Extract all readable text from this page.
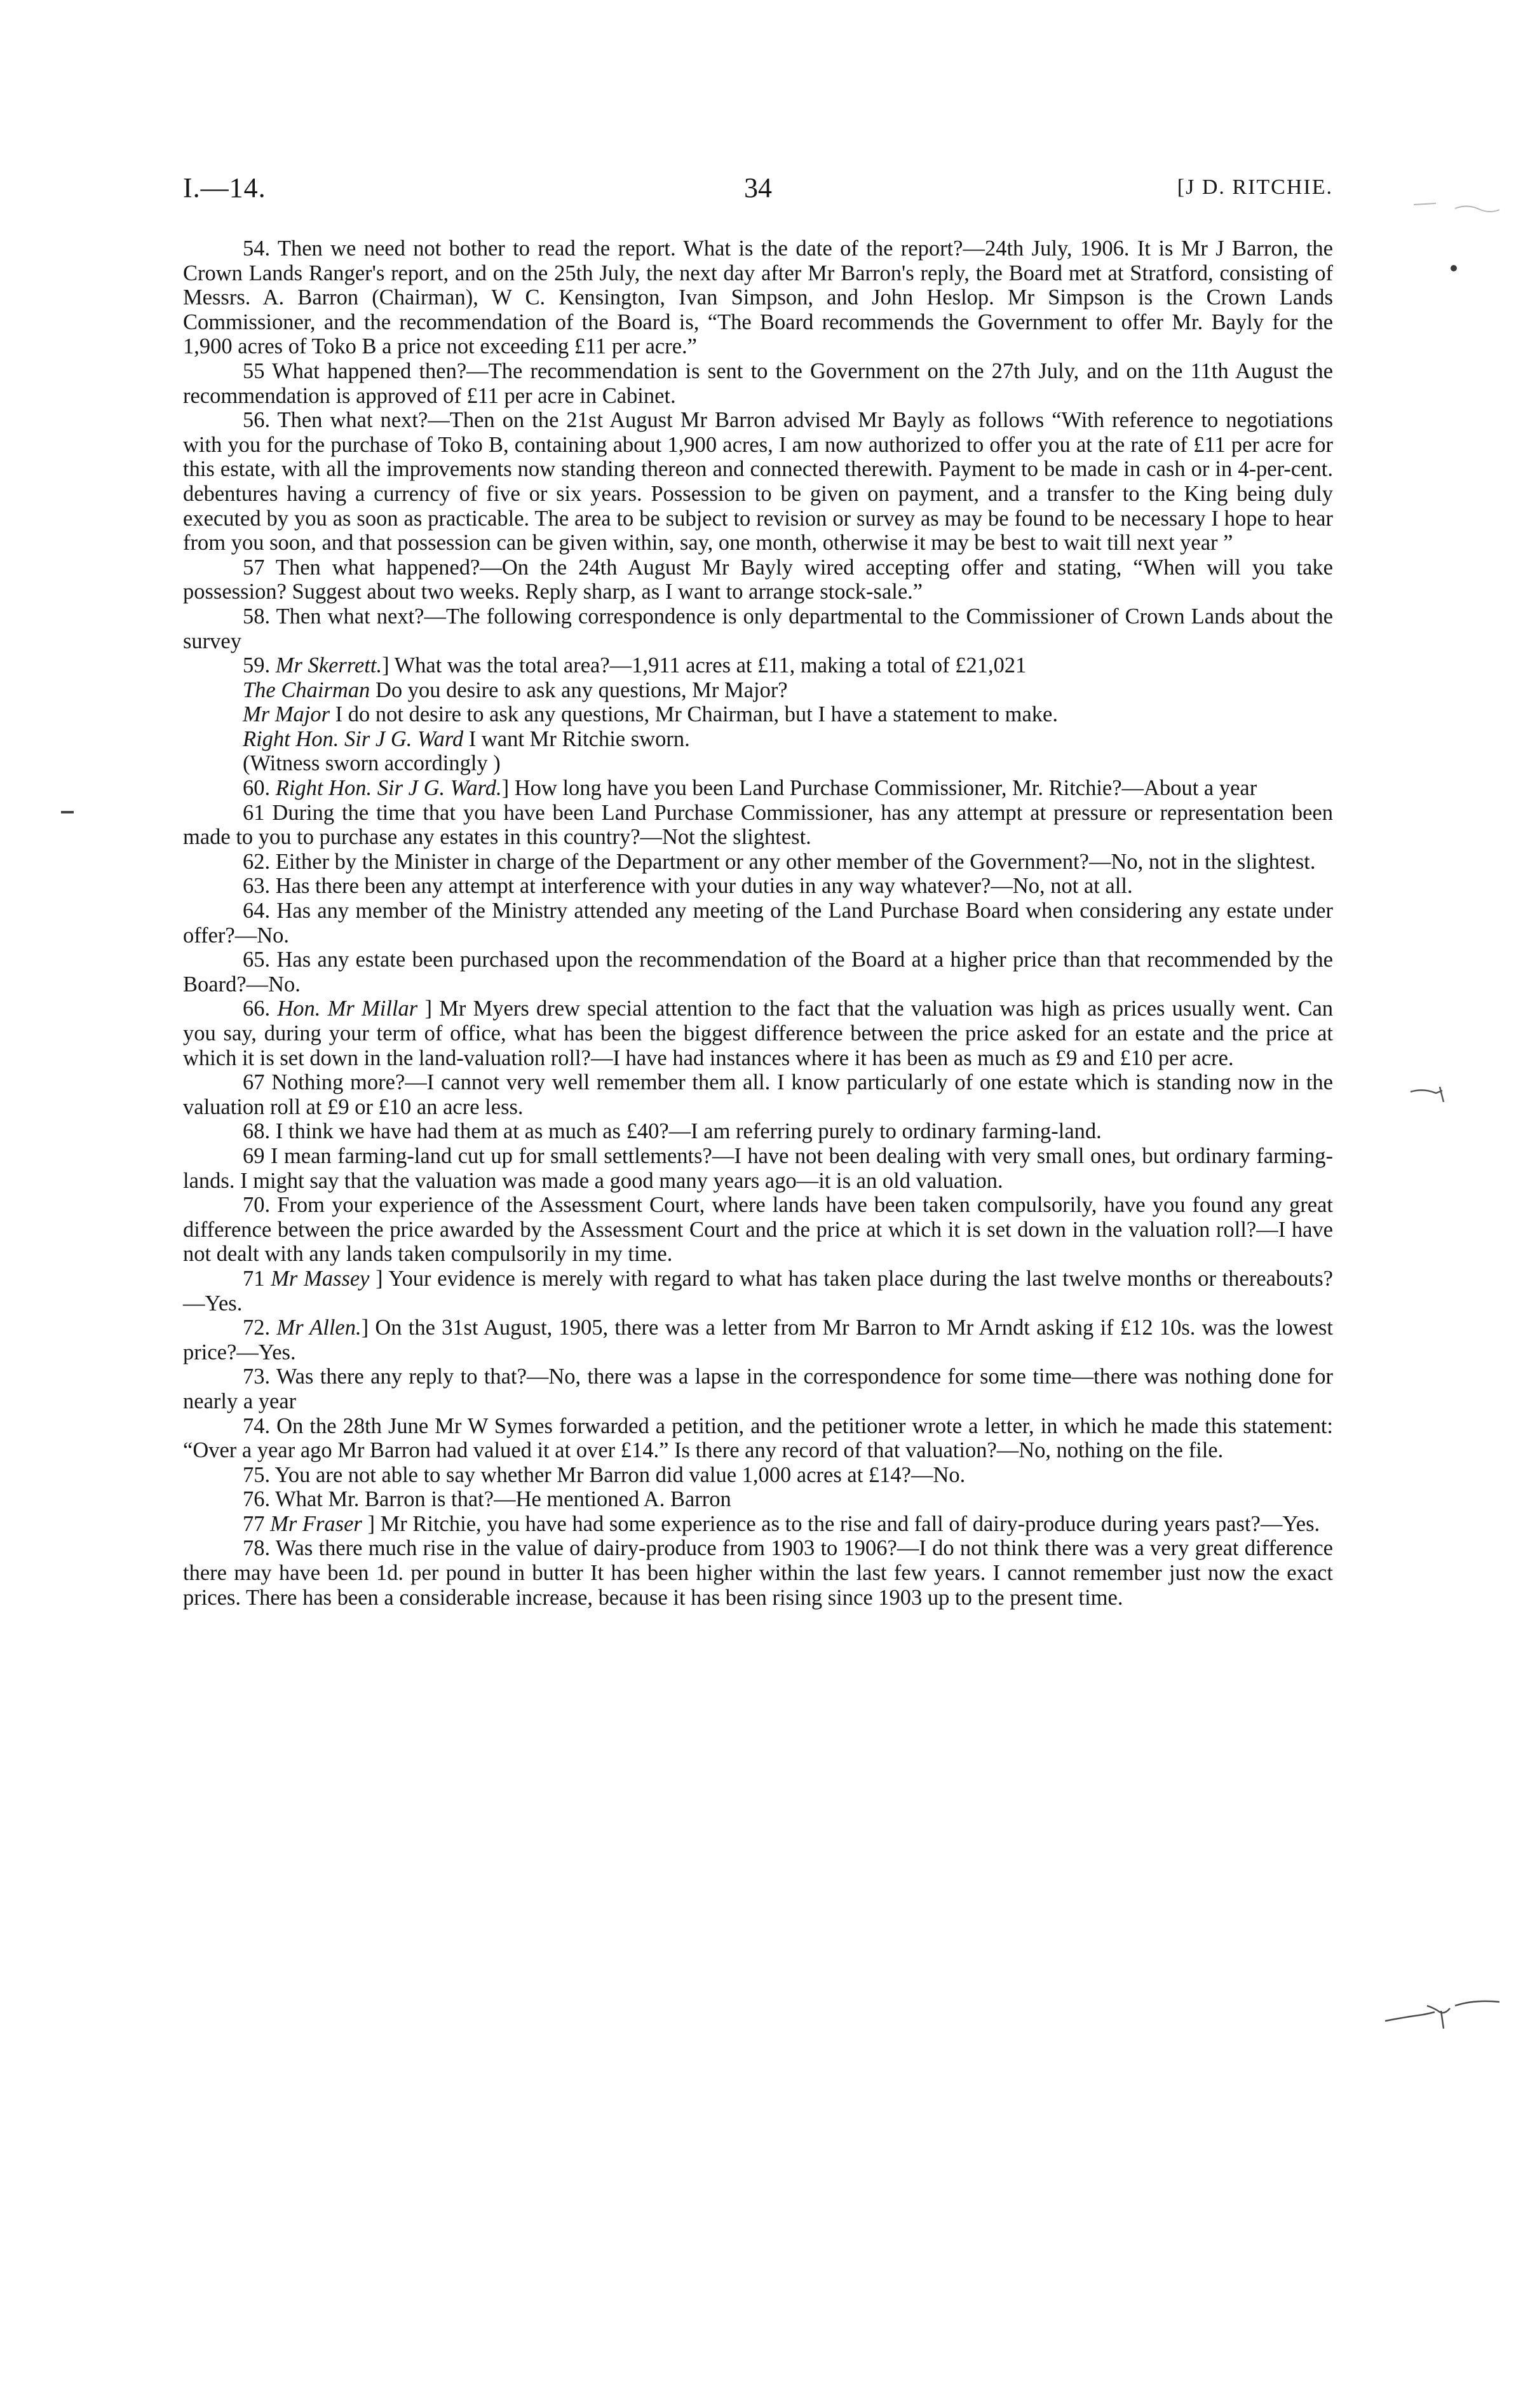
I.—14.	34	[J D. RITCHIE.

54. Then we need not bother to read the report. What is the date of the report?—24th July, 1906. It is Mr J Barron, the Crown Lands Ranger's report, and on the 25th July, the next day after Mr Barron's reply, the Board met at Stratford, consisting of Messrs. A. Barron (Chairman), W C. Kensington, Ivan Simpson, and John Heslop. Mr Simpson is the Crown Lands Commissioner, and the recommendation of the Board is, “The Board recommends the Government to offer Mr. Bayly for the 1,900 acres of Toko B a price not exceeding £11 per acre.”

55 What happened then?—The recommendation is sent to the Government on the 27th July, and on the 11th August the recommendation is approved of £11 per acre in Cabinet.

56. Then what next?—Then on the 21st August Mr Barron advised Mr Bayly as follows “With reference to negotiations with you for the purchase of Toko B, containing about 1,900 acres, I am now authorized to offer you at the rate of £11 per acre for this estate, with all the improvements now standing thereon and connected therewith. Payment to be made in cash or in 4-per-cent. debentures having a currency of five or six years. Possession to be given on payment, and a transfer to the King being duly executed by you as soon as practicable. The area to be subject to revision or survey as may be found to be necessary I hope to hear from you soon, and that possession can be given within, say, one month, otherwise it may be best to wait till next year ”

57 Then what happened?—On the 24th August Mr Bayly wired accepting offer and stating, “When will you take possession? Suggest about two weeks. Reply sharp, as I want to arrange stock-sale.”

58. Then what next?—The following correspondence is only departmental to the Commissioner of Crown Lands about the survey

59. Mr Skerrett.] What was the total area?—1,911 acres at £11, making a total of £21,021

The Chairman Do you desire to ask any questions, Mr Major?

Mr Major I do not desire to ask any questions, Mr Chairman, but I have a statement to make.

Right Hon. Sir J G. Ward I want Mr Ritchie sworn.

(Witness sworn accordingly )

60. Right Hon. Sir J G. Ward.] How long have you been Land Purchase Commissioner, Mr. Ritchie?—About a year

61 During the time that you have been Land Purchase Commissioner, has any attempt at pressure or representation been made to you to purchase any estates in this country?—Not the slightest.

62. Either by the Minister in charge of the Department or any other member of the Government?—No, not in the slightest.

63. Has there been any attempt at interference with your duties in any way whatever?—No, not at all.

64. Has any member of the Ministry attended any meeting of the Land Purchase Board when considering any estate under offer?—No.

65. Has any estate been purchased upon the recommendation of the Board at a higher price than that recommended by the Board?—No.

66. Hon. Mr Millar ] Mr Myers drew special attention to the fact that the valuation was high as prices usually went. Can you say, during your term of office, what has been the biggest difference between the price asked for an estate and the price at which it is set down in the land-valuation roll?—I have had instances where it has been as much as £9 and £10 per acre.

67 Nothing more?—I cannot very well remember them all. I know particularly of one estate which is standing now in the valuation roll at £9 or £10 an acre less.

68. I think we have had them at as much as £40?—I am referring purely to ordinary farming-land.

69 I mean farming-land cut up for small settlements?—I have not been dealing with very small ones, but ordinary farming-lands. I might say that the valuation was made a good many years ago—it is an old valuation.

70. From your experience of the Assessment Court, where lands have been taken compulsorily, have you found any great difference between the price awarded by the Assessment Court and the price at which it is set down in the valuation roll?—I have not dealt with any lands taken compulsorily in my time.

71 Mr Massey ] Your evidence is merely with regard to what has taken place during the last twelve months or thereabouts?—Yes.

72. Mr Allen.] On the 31st August, 1905, there was a letter from Mr Barron to Mr Arndt asking if £12 10s. was the lowest price?—Yes.

73. Was there any reply to that?—No, there was a lapse in the correspondence for some time—there was nothing done for nearly a year

74. On the 28th June Mr W Symes forwarded a petition, and the petitioner wrote a letter, in which he made this statement: “Over a year ago Mr Barron had valued it at over £14.” Is there any record of that valuation?—No, nothing on the file.

75. You are not able to say whether Mr Barron did value 1,000 acres at £14?—No.

76. What Mr. Barron is that?—He mentioned A. Barron

77 Mr Fraser ] Mr Ritchie, you have had some experience as to the rise and fall of dairy-produce during years past?—Yes.

78. Was there much rise in the value of dairy-produce from 1903 to 1906?—I do not think there was a very great difference there may have been 1d. per pound in butter It has been higher within the last few years. I cannot remember just now the exact prices. There has been a considerable increase, because it has been rising since 1903 up to the present time.
